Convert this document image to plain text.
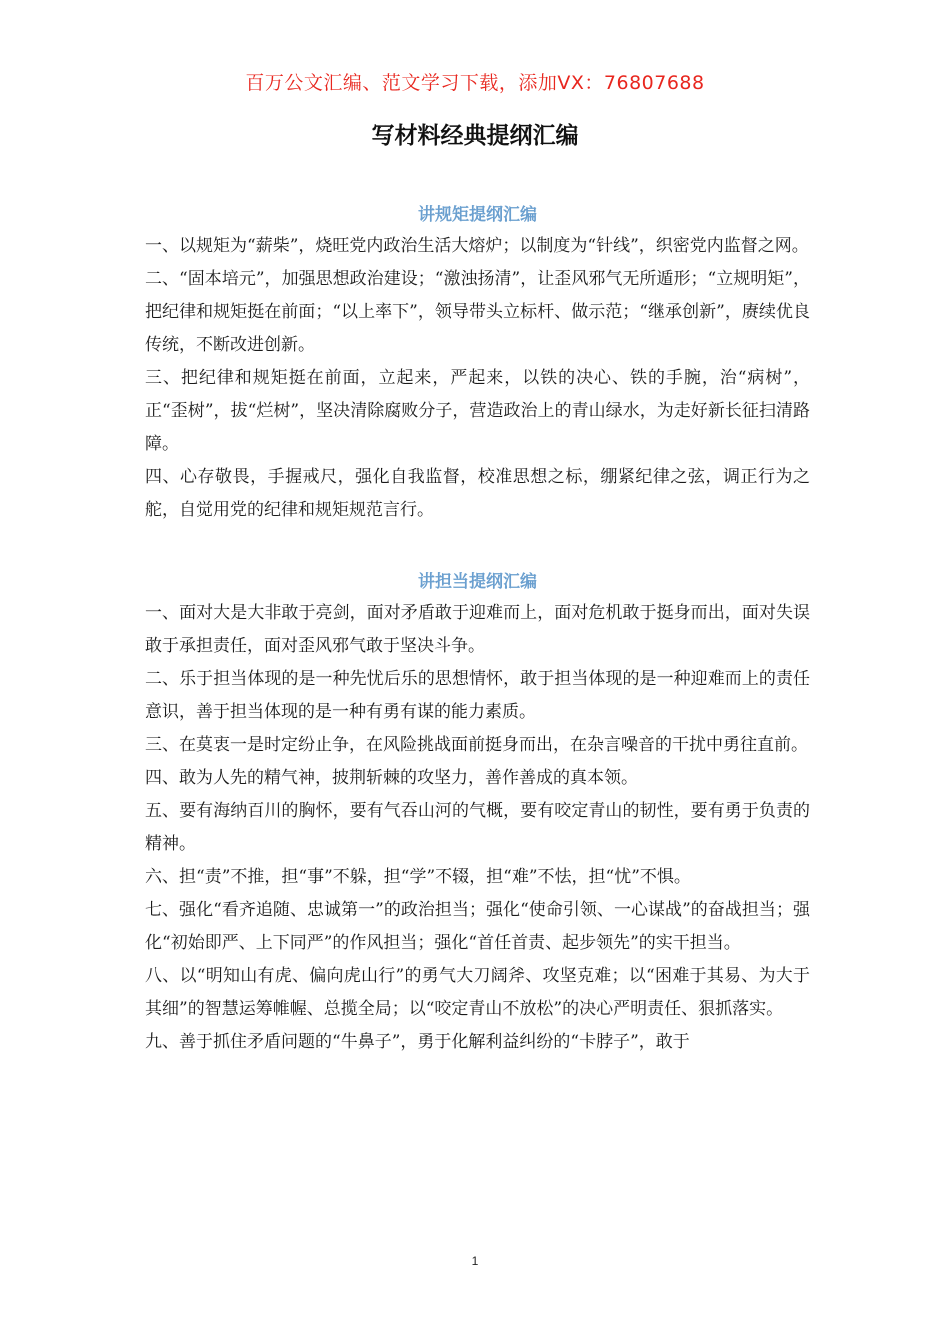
百万公文汇编、范文学习下载，添加VX：76807688
写材料经典提纲汇编
讲规矩提纲汇编

一、以规矩为“薪柴”，烧旺党内政治生活大熔炉；以制度为“针线”，织密党内监督之网。

二、“固本培元”，加强思想政治建设；“激浊扬清”，让歪风邪气无所遁形；“立规明矩”，把纪律和规矩挺在前面；“以上率下”，领导带头立标杆、做示范；“继承创新”，赓续优良传统，不断改进创新。

三、把纪律和规矩挺在前面，立起来，严起来，以铁的决心、铁的手腕，治“病树”，正“歪树”，拔“烂树”，坚决清除腐败分子，营造政治上的青山绿水，为走好新长征扫清路障。

四、心存敬畏，手握戒尺，强化自我监督，校准思想之标，绷紧纪律之弦，调正行为之舵，自觉用党的纪律和规矩规范言行。

讲担当提纲汇编

一、面对大是大非敢于亮剑，面对矛盾敢于迎难而上，面对危机敢于挺身而出，面对失误敢于承担责任，面对歪风邪气敢于坚决斗争。

二、乐于担当体现的是一种先忧后乐的思想情怀，敢于担当体现的是一种迎难而上的责任意识，善于担当体现的是一种有勇有谋的能力素质。

三、在莫衷一是时定纷止争，在风险挑战面前挺身而出，在杂言噪音的干扰中勇往直前。

四、敢为人先的精气神，披荆斩棘的攻坚力，善作善成的真本领。

五、要有海纳百川的胸怀，要有气吞山河的气概，要有咬定青山的韧性，要有勇于负责的精神。

六、担“责”不推，担“事”不躲，担“学”不辍，担“难”不怯，担“忧”不惧。

七、强化“看齐追随、忠诚第一”的政治担当；强化“使命引领、一心谋战”的奋战担当；强化“初始即严、上下同严”的作风担当；强化“首任首责、起步领先”的实干担当。

八、以“明知山有虎、偏向虎山行”的勇气大刀阔斧、攻坚克难；以“困难于其易、为大于其细”的智慧运筹帷幄、总揽全局；以“咬定青山不放松”的决心严明责任、狠抓落实。

九、善于抓住矛盾问题的“牛鼻子”，勇于化解利益纠纷的“卡脖子”，敢于

1
